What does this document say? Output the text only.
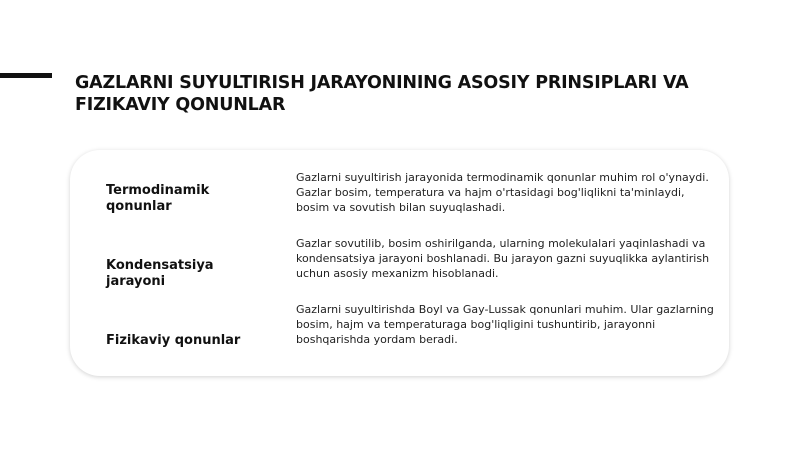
GAZLARNI SUYULTIRISH JARAYONINING ASOSIY PRINSIPLARI VA FIZIKAVIY QONUNLAR

Termodinamik qonunlar

Gazlarni suyultirish jarayonida termodinamik qonunlar muhim rol o'ynaydi. Gazlar bosim, temperatura va hajm o'rtasidagi bog'liqlikni ta'minlaydi, bosim va sovutish bilan suyuqlashadi.

Kondensatsiya jarayoni

Gazlar sovutilib, bosim oshirilganda, ularning molekulalari yaqinlashadi va kondensatsiya jarayoni boshlanadi. Bu jarayon gazni suyuqlikka aylantirish uchun asosiy mexanizm hisoblanadi.

Fizikaviy qonunlar

Gazlarni suyultirishda Boyl va Gay-Lussak qonunlari muhim. Ular gazlarning bosim, hajm va temperaturaga bog'liqligini tushuntirib, jarayonni boshqarishda yordam beradi.
